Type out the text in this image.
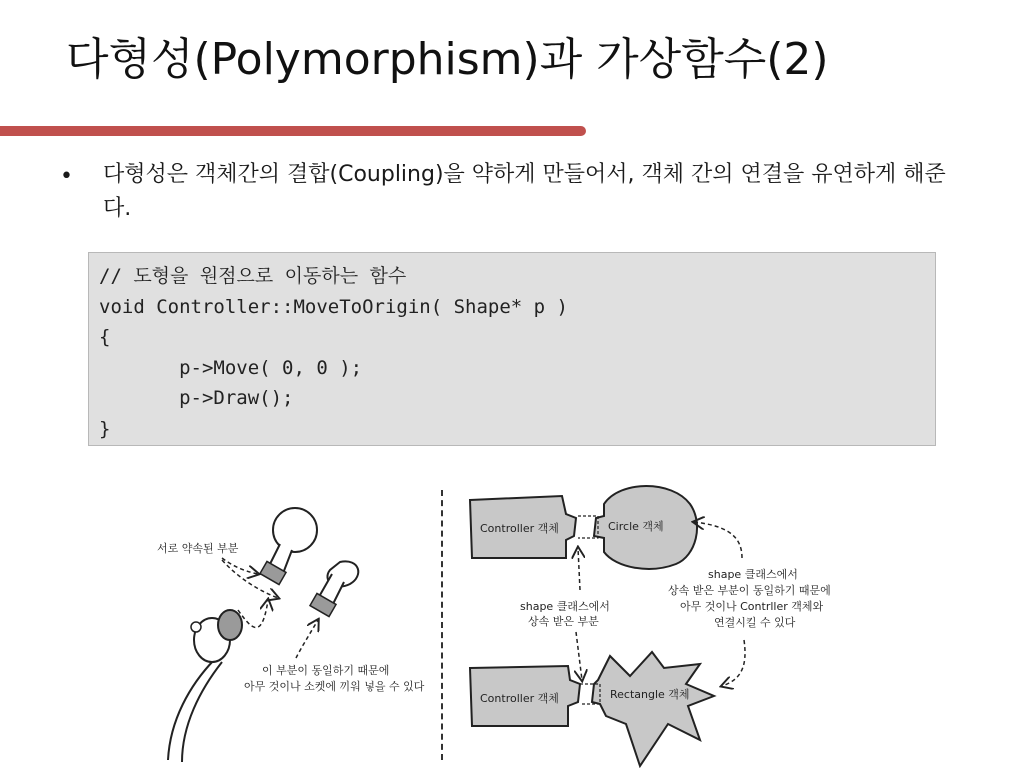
다형성(Polymorphism)과 가상함수(2)
• 다형성은 객체간의 결합(Coupling)을 약하게 만들어서, 객체 간의 연결을 유연하게 해준다.
// 도형을 원점으로 이동하는 함수
void Controller::MoveToOrigin( Shape* p )
{
p->Move( 0, 0 );
p->Draw();
}
서로 약속된 부분
이 부분이 동일하기 때문에
아무 것이나 소켓에 끼워 넣을 수 있다
Controller 객체	Circle 객체
Controller 객체	Rectangle 객체
shape 클래스에서
상속 받은 부분
shape 클래스에서
상속 받은 부분이 동일하기 때문에
아무 것이나 Contrller 객체와
연결시킬 수 있다
